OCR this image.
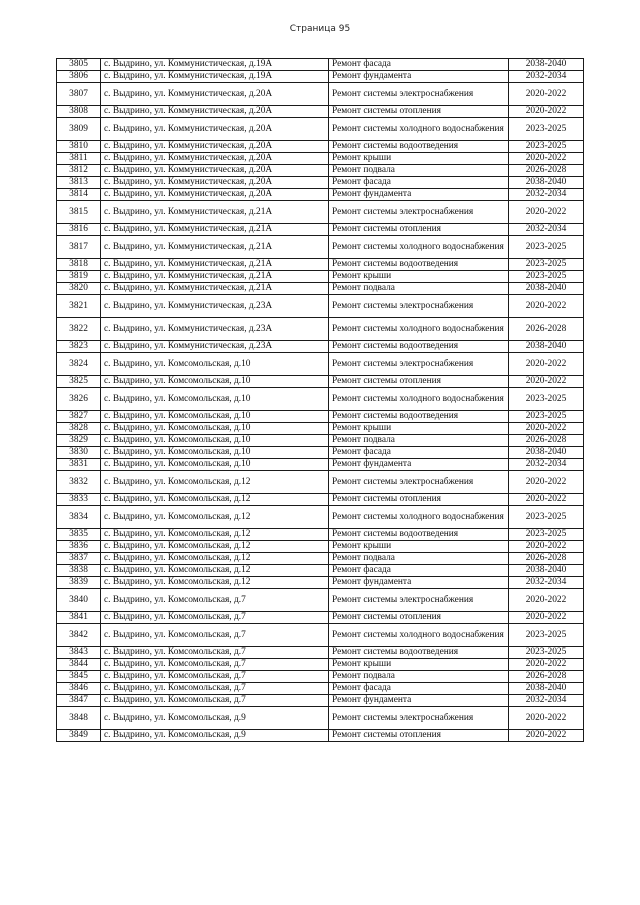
Страница 95
3805	с. Выдрино, ул. Коммунистическая, д.19А	Ремонт фасада	2038-2040
3806	с. Выдрино, ул. Коммунистическая, д.19А	Ремонт фундамента	2032-2034
3807	с. Выдрино, ул. Коммунистическая, д.20А	Ремонт системы электроснабжения	2020-2022
3808	с. Выдрино, ул. Коммунистическая, д.20А	Ремонт системы отопления	2020-2022
3809	с. Выдрино, ул. Коммунистическая, д.20А	Ремонт системы холодного водоснабжения	2023-2025
3810	с. Выдрино, ул. Коммунистическая, д.20А	Ремонт системы водоотведения	2023-2025
3811	с. Выдрино, ул. Коммунистическая, д.20А	Ремонт крыши	2020-2022
3812	с. Выдрино, ул. Коммунистическая, д.20А	Ремонт подвала	2026-2028
3813	с. Выдрино, ул. Коммунистическая, д.20А	Ремонт фасада	2038-2040
3814	с. Выдрино, ул. Коммунистическая, д.20А	Ремонт фундамента	2032-2034
3815	с. Выдрино, ул. Коммунистическая, д.21А	Ремонт системы электроснабжения	2020-2022
3816	с. Выдрино, ул. Коммунистическая, д.21А	Ремонт системы отопления	2032-2034
3817	с. Выдрино, ул. Коммунистическая, д.21А	Ремонт системы холодного водоснабжения	2023-2025
3818	с. Выдрино, ул. Коммунистическая, д.21А	Ремонт системы водоотведения	2023-2025
3819	с. Выдрино, ул. Коммунистическая, д.21А	Ремонт крыши	2023-2025
3820	с. Выдрино, ул. Коммунистическая, д.21А	Ремонт подвала	2038-2040
3821	с. Выдрино, ул. Коммунистическая, д.23А	Ремонт системы электроснабжения	2020-2022
3822	с. Выдрино, ул. Коммунистическая, д.23А	Ремонт системы холодного водоснабжения	2026-2028
3823	с. Выдрино, ул. Коммунистическая, д.23А	Ремонт системы водоотведения	2038-2040
3824	с. Выдрино, ул. Комсомольская, д.10	Ремонт системы электроснабжения	2020-2022
3825	с. Выдрино, ул. Комсомольская, д.10	Ремонт системы отопления	2020-2022
3826	с. Выдрино, ул. Комсомольская, д.10	Ремонт системы холодного водоснабжения	2023-2025
3827	с. Выдрино, ул. Комсомольская, д.10	Ремонт системы водоотведения	2023-2025
3828	с. Выдрино, ул. Комсомольская, д.10	Ремонт крыши	2020-2022
3829	с. Выдрино, ул. Комсомольская, д.10	Ремонт подвала	2026-2028
3830	с. Выдрино, ул. Комсомольская, д.10	Ремонт фасада	2038-2040
3831	с. Выдрино, ул. Комсомольская, д.10	Ремонт фундамента	2032-2034
3832	с. Выдрино, ул. Комсомольская, д.12	Ремонт системы электроснабжения	2020-2022
3833	с. Выдрино, ул. Комсомольская, д.12	Ремонт системы отопления	2020-2022
3834	с. Выдрино, ул. Комсомольская, д.12	Ремонт системы холодного водоснабжения	2023-2025
3835	с. Выдрино, ул. Комсомольская, д.12	Ремонт системы водоотведения	2023-2025
3836	с. Выдрино, ул. Комсомольская, д.12	Ремонт крыши	2020-2022
3837	с. Выдрино, ул. Комсомольская, д.12	Ремонт подвала	2026-2028
3838	с. Выдрино, ул. Комсомольская, д.12	Ремонт фасада	2038-2040
3839	с. Выдрино, ул. Комсомольская, д.12	Ремонт фундамента	2032-2034
3840	с. Выдрино, ул. Комсомольская, д.7	Ремонт системы электроснабжения	2020-2022
3841	с. Выдрино, ул. Комсомольская, д.7	Ремонт системы отопления	2020-2022
3842	с. Выдрино, ул. Комсомольская, д.7	Ремонт системы холодного водоснабжения	2023-2025
3843	с. Выдрино, ул. Комсомольская, д.7	Ремонт системы водоотведения	2023-2025
3844	с. Выдрино, ул. Комсомольская, д.7	Ремонт крыши	2020-2022
3845	с. Выдрино, ул. Комсомольская, д.7	Ремонт подвала	2026-2028
3846	с. Выдрино, ул. Комсомольская, д.7	Ремонт фасада	2038-2040
3847	с. Выдрино, ул. Комсомольская, д.7	Ремонт фундамента	2032-2034
3848	с. Выдрино, ул. Комсомольская, д.9	Ремонт системы электроснабжения	2020-2022
3849	с. Выдрино, ул. Комсомольская, д.9	Ремонт системы отопления	2020-2022
